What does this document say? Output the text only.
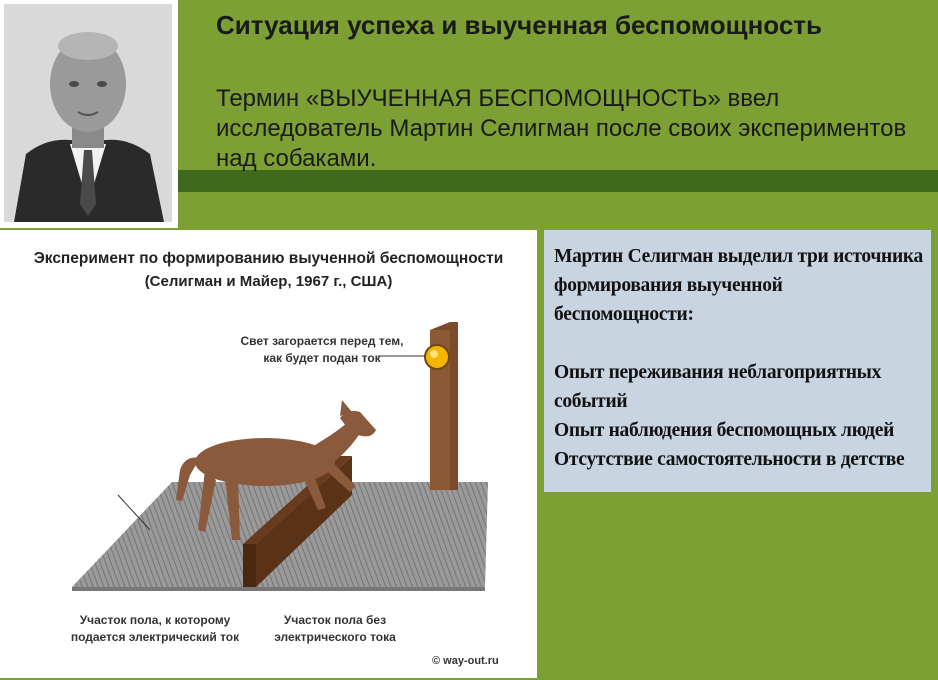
Ситуация успеха и выученная беспомощность

Термин «ВЫУЧЕННАЯ БЕСПОМОЩНОСТЬ» ввел исследователь Мартин Селигман после своих экспериментов над собаками.

Эксперимент по формированию выученной беспомощности

(Селигман и Майер, 1967 г., США)

Свет загорается перед тем, как будет подан ток
Участок пола, к которому подается электрический ток
Участок пола без электрического тока
© way-out.ru

Мартин Селигман выделил три источника формирования выученной беспомощности:

Опыт переживания неблагоприятных событий

Опыт наблюдения беспомощных людей

Отсутствие самостоятельности в детстве
